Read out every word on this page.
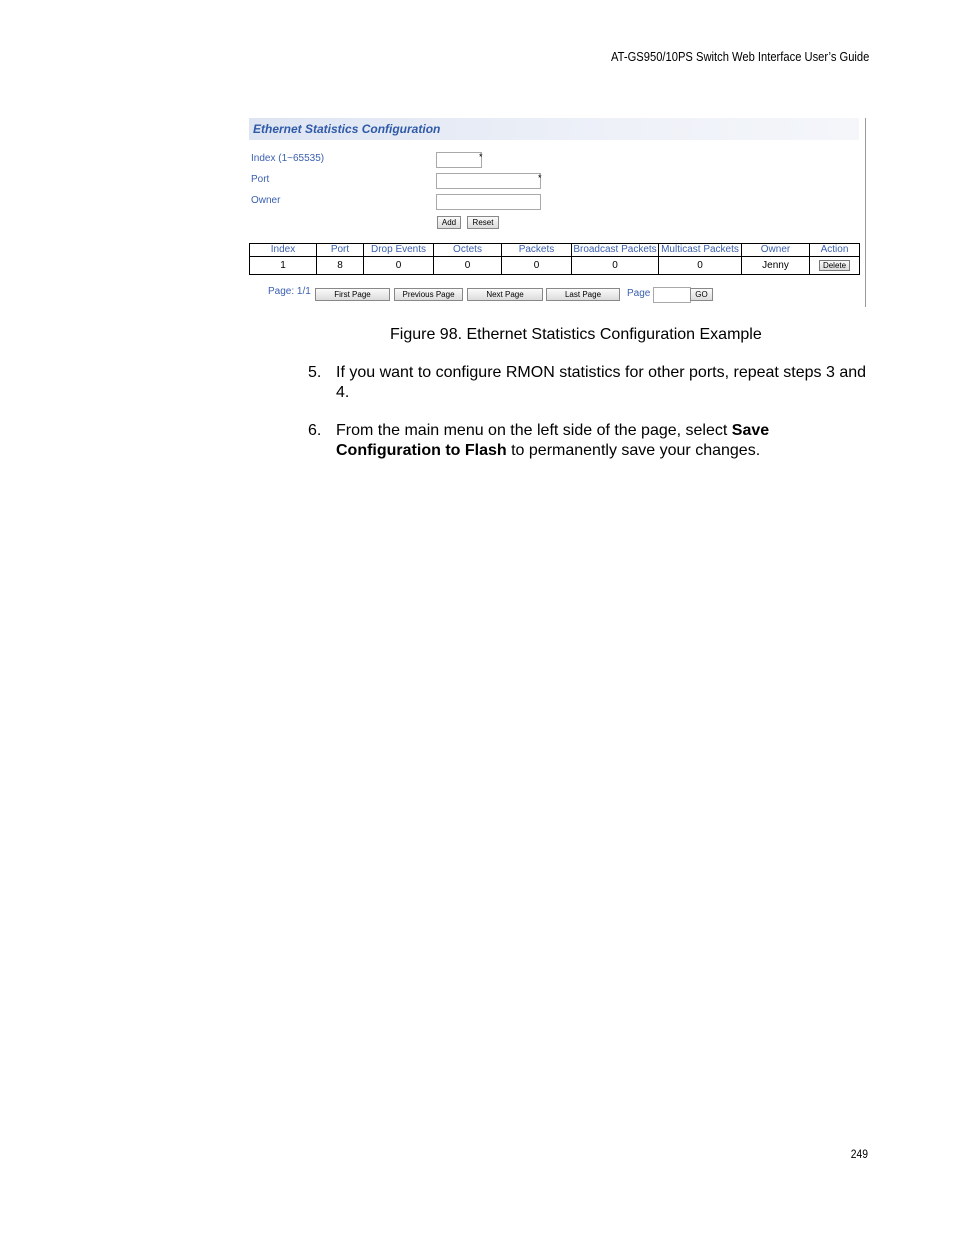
AT-GS950/10PS Switch Web Interface User’s Guide
Ethernet Statistics Configuration
Index (1~65535)	*
Port	*
Owner
Add	Reset
Index	Port	Drop Events	Octets	Packets	Broadcast Packets	Multicast Packets	Owner	Action
1	8	0	0	0	0	0	Jenny	Delete
Page: 1/1	First Page	Previous Page	Next Page	Last Page	Page	GO
Figure 98. Ethernet Statistics Configuration Example
5. If you want to configure RMON statistics for other ports, repeat steps 3 and 4.
6. From the main menu on the left side of the page, select Save Configuration to Flash to permanently save your changes.
249
